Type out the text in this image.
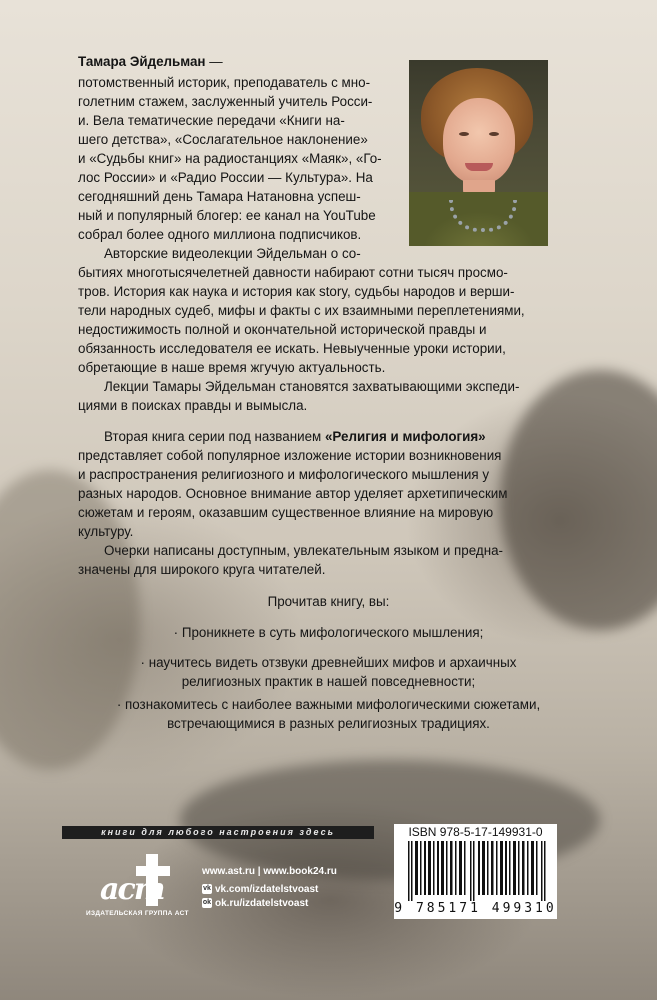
Тамара Эйдельман —
потомственный историк, преподаватель с мно-
голетним стажем, заслуженный учитель Росси-
и. Вела тематические передачи «Книги на-
шего детства», «Сослагательное наклонение»
и «Судьбы книг» на радиостанциях «Маяк», «Го-
лос России» и «Радио России — Культура». На
сегодняшний день Тамара Натановна успеш-
ный и популярный блогер: ее канал на YouTube
собрал более одного миллиона подписчиков.
Авторские видеолекции Эйдельман о со-
бытиях многотысячелетней давности набирают сотни тысяч просмо-
тров. История как наука и история как story, судьбы народов и верши-
тели народных судеб, мифы и факты с их взаимными переплетениями,
недостижимость полной и окончательной исторической правды и
обязанность исследователя ее искать. Невыученные уроки истории,
обретающие в наше время жгучую актуальность.
Лекции Тамары Эйдельман становятся захватывающими экспеди-
циями в поисках правды и вымысла.
Вторая книга серии под названием «Религия и мифология»
представляет собой популярное изложение истории возникновения
и распространения религиозного и мифологического мышления у
разных народов. Основное внимание автор уделяет архетипическим
сюжетам и героям, оказавшим существенное влияние на мировую
культуру.
Очерки написаны доступным, увлекательным языком и предна-
значены для широкого круга читателей.
Прочитав книгу, вы:
· Проникнете в суть мифологического мышления;
· научитесь видеть отзвуки древнейших мифов и архаичных
религиозных практик в нашей повседневности;
· познакомитесь с наиболее важными мифологическими сюжетами,
встречающимися в разных религиозных традициях.
книги для любого настроения здесь
аст
ИЗДАТЕЛЬСКАЯ ГРУППА АСТ
www.ast.ru | www.book24.ru
vk vk.com/izdatelstvoast
ok ok.ru/izdatelstvoast
ISBN 978-5-17-149931-0
9 785171 499310
